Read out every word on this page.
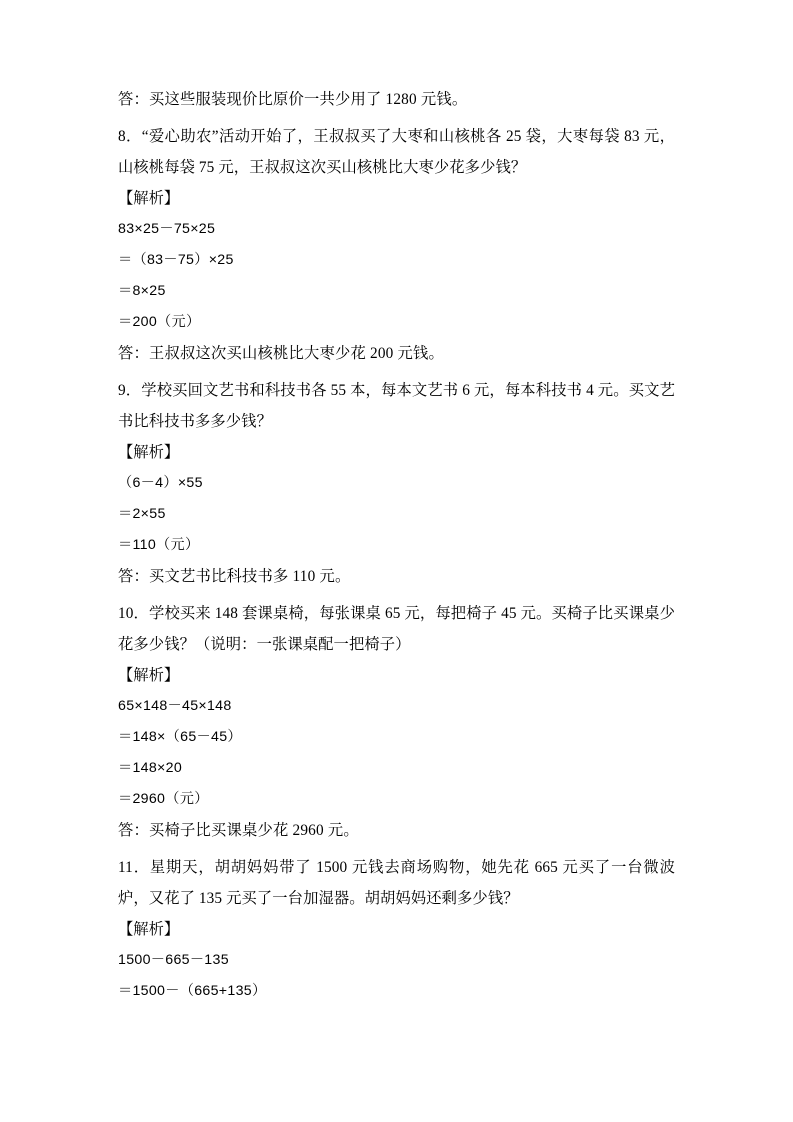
答：买这些服装现价比原价一共少用了 1280 元钱。
8．“爱心助农”活动开始了，王叔叔买了大枣和山核桃各 25 袋，大枣每袋 83 元，山核桃每袋 75 元，王叔叔这次买山核桃比大枣少花多少钱？
【解析】
83×25－75×25
＝（83－75）×25
＝8×25
＝200（元）
答：王叔叔这次买山核桃比大枣少花 200 元钱。
9．学校买回文艺书和科技书各 55 本，每本文艺书 6 元，每本科技书 4 元。买文艺书比科技书多多少钱？
【解析】
（6－4）×55
＝2×55
＝110（元）
答：买文艺书比科技书多 110 元。
10．学校买来 148 套课桌椅，每张课桌 65 元，每把椅子 45 元。买椅子比买课桌少花多少钱？（说明：一张课桌配一把椅子）
【解析】
65×148－45×148
＝148×（65－45）
＝148×20
＝2960（元）
答：买椅子比买课桌少花 2960 元。
11．星期天，胡胡妈妈带了 1500 元钱去商场购物，她先花 665 元买了一台微波炉，又花了 135 元买了一台加湿器。胡胡妈妈还剩多少钱？
【解析】
1500－665－135
＝1500－（665+135）
